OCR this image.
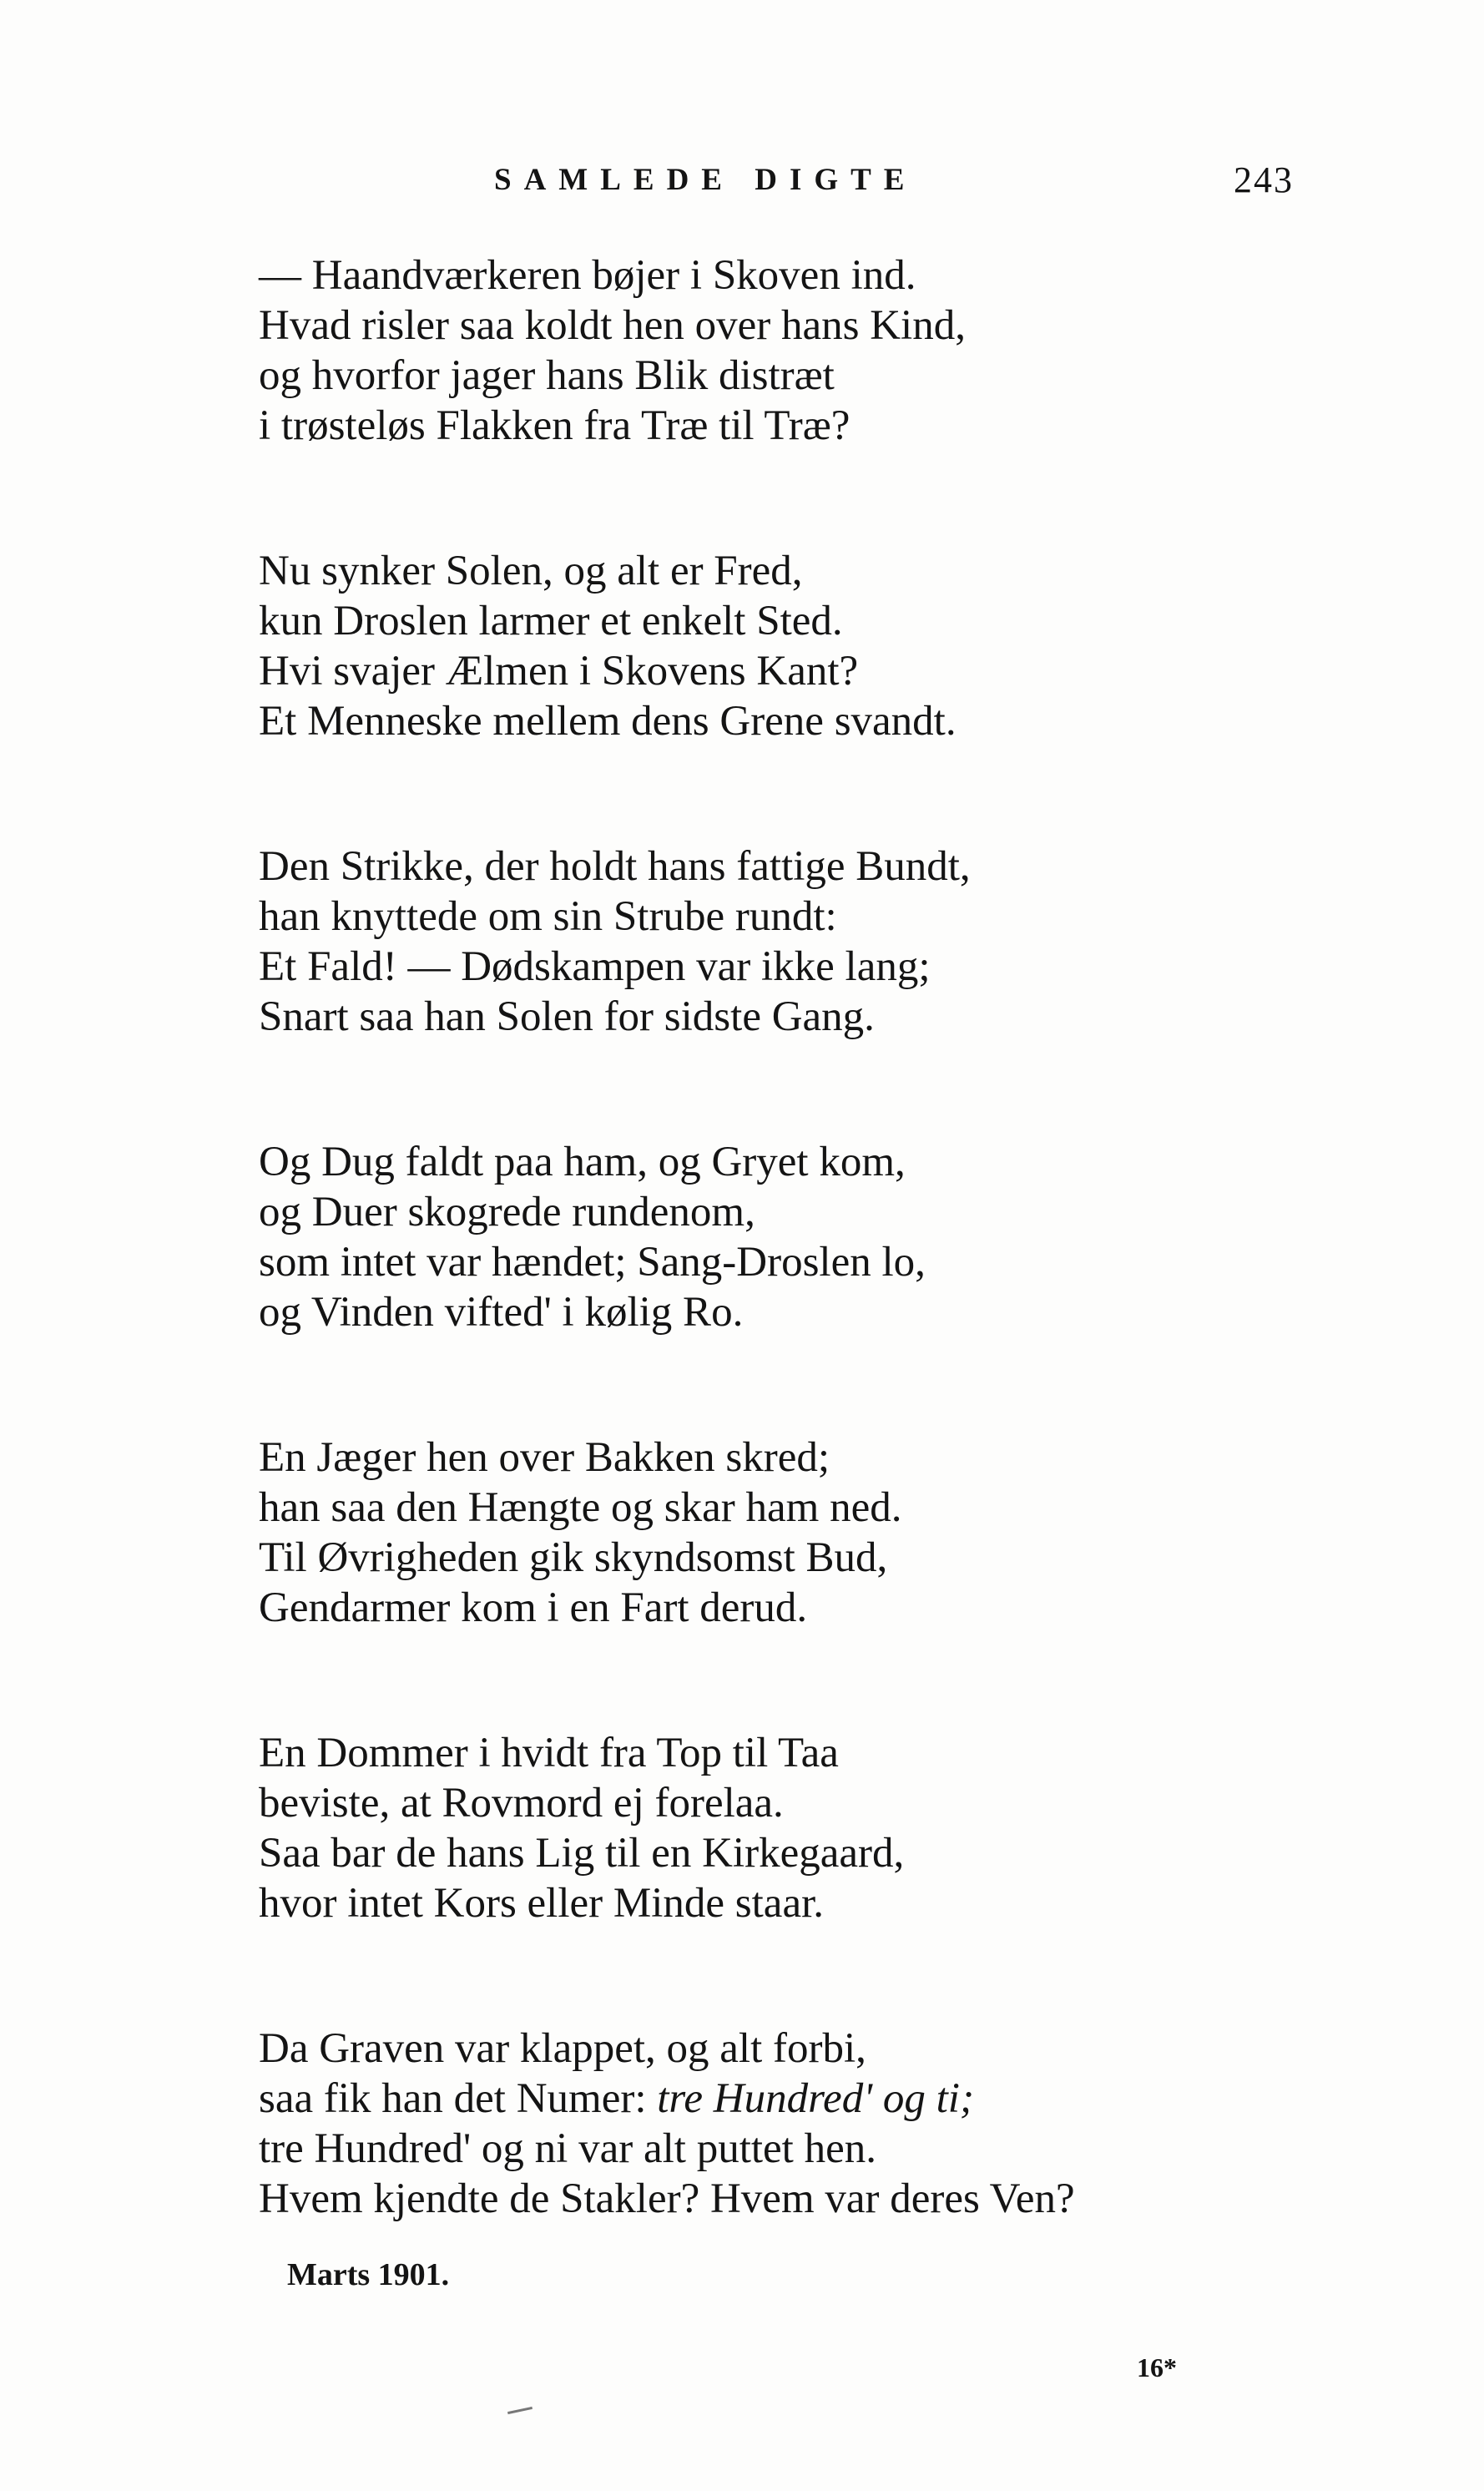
SAMLEDE DIGTE	243
— Haandværkeren bøjer i Skoven ind.
Hvad risler saa koldt hen over hans Kind,
og hvorfor jager hans Blik distræt
i trøsteløs Flakken fra Træ til Træ?
Nu synker Solen, og alt er Fred,
kun Droslen larmer et enkelt Sted.
Hvi svajer Ælmen i Skovens Kant?
Et Menneske mellem dens Grene svandt.
Den Strikke, der holdt hans fattige Bundt,
han knyttede om sin Strube rundt:
Et Fald! — Dødskampen var ikke lang;
Snart saa han Solen for sidste Gang.
Og Dug faldt paa ham, og Gryet kom,
og Duer skogrede rundenom,
som intet var hændet; Sang-Droslen lo,
og Vinden vifted' i kølig Ro.
En Jæger hen over Bakken skred;
han saa den Hængte og skar ham ned.
Til Øvrigheden gik skyndsomst Bud,
Gendarmer kom i en Fart derud.
En Dommer i hvidt fra Top til Taa
beviste, at Rovmord ej forelaa.
Saa bar de hans Lig til en Kirkegaard,
hvor intet Kors eller Minde staar.
Da Graven var klappet, og alt forbi,
saa fik han det Numer: tre Hundred' og ti;
tre Hundred' og ni var alt puttet hen.
Hvem kjendte de Stakler? Hvem var deres Ven?
Marts 1901.
16*
